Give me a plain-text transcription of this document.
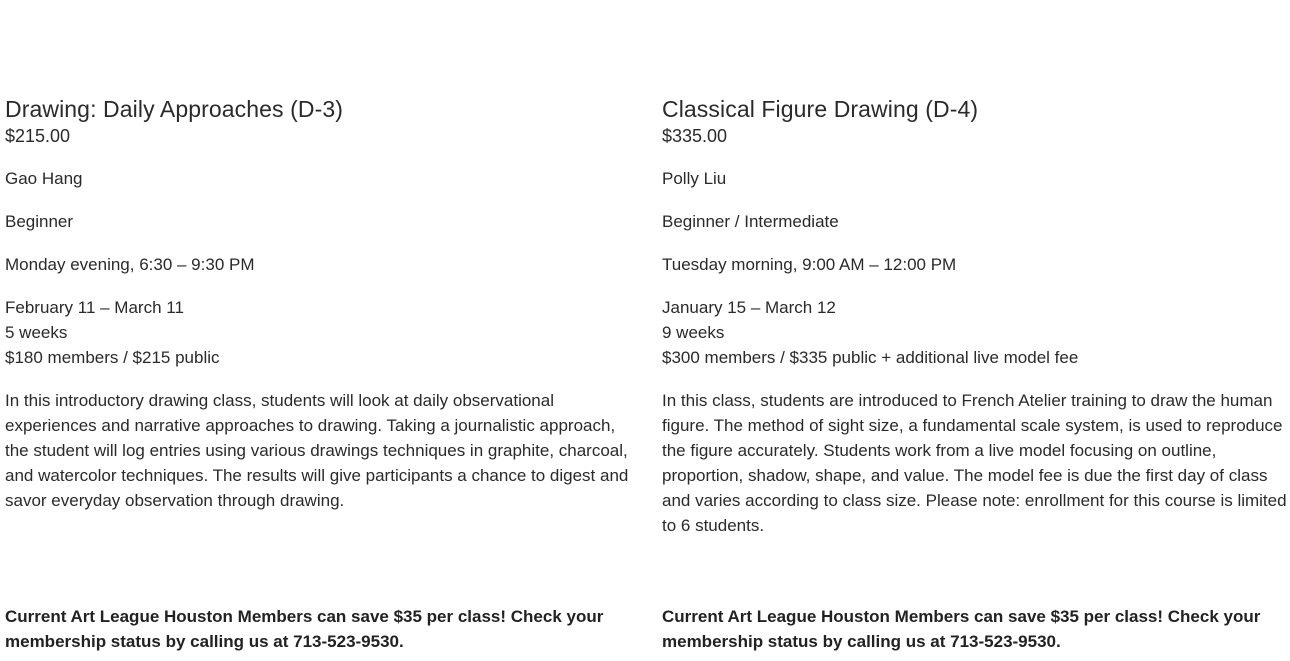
Drawing: Daily Approaches (D-3)

$215.00

Gao Hang

Beginner

Monday evening, 6:30 – 9:30 PM

February 11 – March 11

5 weeks

$180 members / $215 public

In this introductory drawing class, students will look at daily observational experiences and narrative approaches to drawing. Taking a journalistic approach, the student will log entries using various drawings techniques in graphite, charcoal, and watercolor techniques. The results will give participants a chance to digest and savor everyday observation through drawing.

Classical Figure Drawing (D-4)

$335.00

Polly Liu

Beginner / Intermediate

Tuesday morning, 9:00 AM – 12:00 PM

January 15 – March 12

9 weeks

$300 members / $335 public + additional live model fee

In this class, students are introduced to French Atelier training to draw the human figure. The method of sight size, a fundamental scale system, is used to reproduce the figure accurately. Students work from a live model focusing on outline, proportion, shadow, shape, and value. The model fee is due the first day of class and varies according to class size. Please note: enrollment for this course is limited to 6 students.

Current Art League Houston Members can save $35 per class! Check your membership status by calling us at 713-523-9530.

Current Art League Houston Members can save $35 per class! Check your membership status by calling us at 713-523-9530.
